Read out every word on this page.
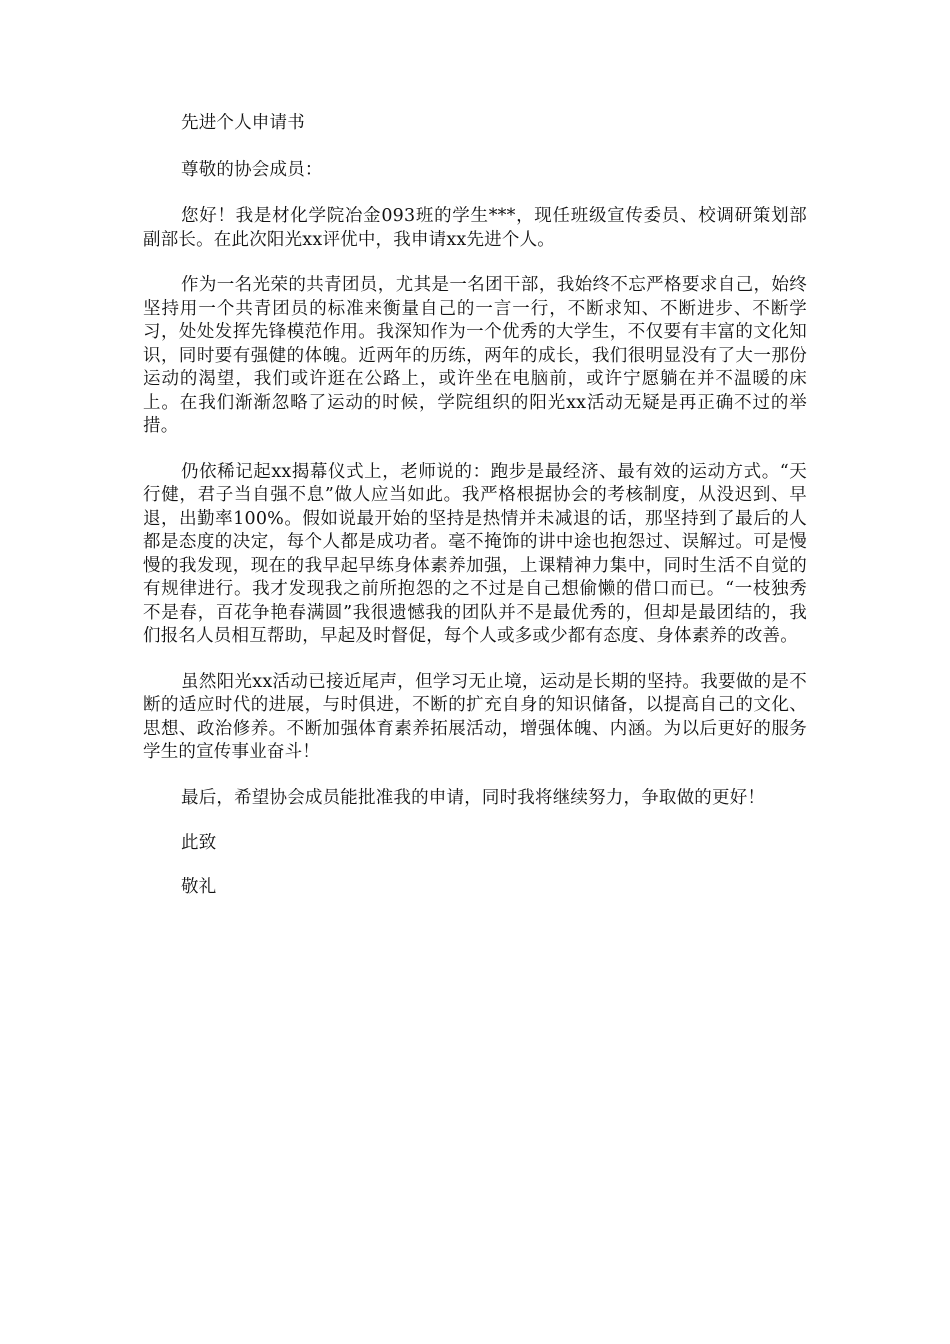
先进个人申请书

尊敬的协会成员：

您好！我是材化学院冶金093班的学生***，现任班级宣传委员、校调研策划部副部长。在此次阳光xx评优中，我申请xx先进个人。

作为一名光荣的共青团员，尤其是一名团干部，我始终不忘严格要求自己，始终坚持用一个共青团员的标准来衡量自己的一言一行，不断求知、不断进步、不断学习，处处发挥先锋模范作用。我深知作为一个优秀的大学生，不仅要有丰富的文化知识，同时要有强健的体魄。近两年的历练，两年的成长，我们很明显没有了大一那份运动的渴望，我们或许逛在公路上，或许坐在电脑前，或许宁愿躺在并不温暖的床上。在我们渐渐忽略了运动的时候，学院组织的阳光xx活动无疑是再正确不过的举措。

仍依稀记起xx揭幕仪式上，老师说的：跑步是最经济、最有效的运动方式。“天行健，君子当自强不息”做人应当如此。我严格根据协会的考核制度，从没迟到、早退，出勤率100%。假如说最开始的坚持是热情并未减退的话，那坚持到了最后的人都是态度的决定，每个人都是成功者。毫不掩饰的讲中途也抱怨过、误解过。可是慢慢的我发现，现在的我早起早练身体素养加强，上课精神力集中，同时生活不自觉的有规律进行。我才发现我之前所抱怨的之不过是自己想偷懒的借口而已。“一枝独秀不是春，百花争艳春满圆”我很遗憾我的团队并不是最优秀的，但却是最团结的，我们报名人员相互帮助，早起及时督促，每个人或多或少都有态度、身体素养的改善。

虽然阳光xx活动已接近尾声，但学习无止境，运动是长期的坚持。我要做的是不断的适应时代的进展，与时俱进，不断的扩充自身的知识储备，以提高自己的文化、思想、政治修养。不断加强体育素养拓展活动，增强体魄、内涵。为以后更好的服务学生的宣传事业奋斗！

最后，希望协会成员能批准我的申请，同时我将继续努力，争取做的更好！

此致

敬礼
